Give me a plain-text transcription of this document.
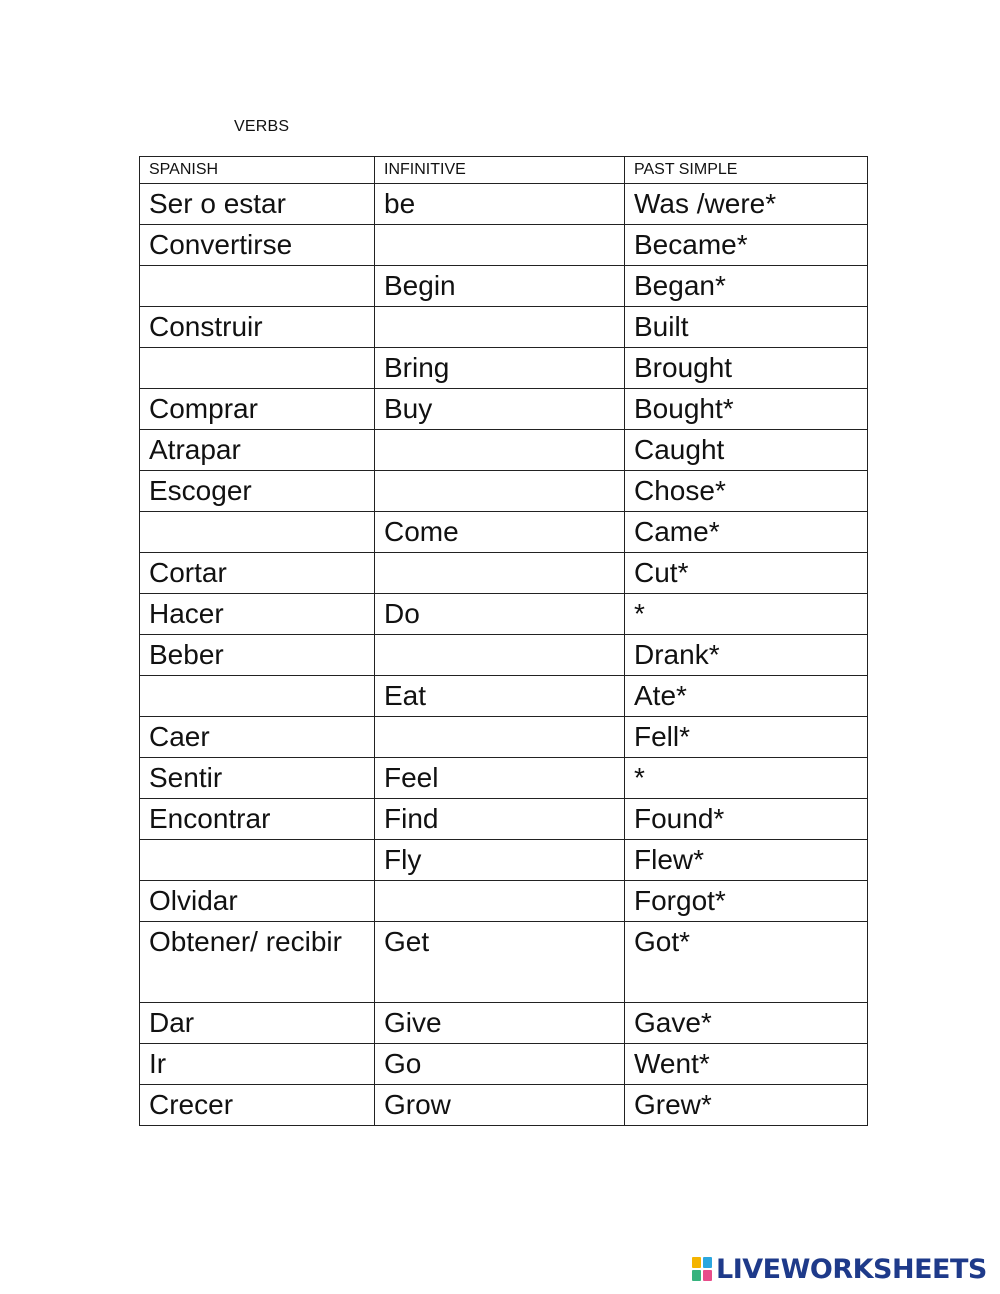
VERBS
SPANISH	INFINITIVE	PAST SIMPLE
Ser o estar	be	Was /were*
Convertirse		Became*
	Begin	Began*
Construir		Built
	Bring	Brought
Comprar	Buy	Bought*
Atrapar		Caught
Escoger		Chose*
	Come	Came*
Cortar		Cut*
Hacer	Do	*
Beber		Drank*
	Eat	Ate*
Caer		Fell*
Sentir	Feel	*
Encontrar	Find	Found*
	Fly	Flew*
Olvidar		Forgot*
Obtener/ recibir	Get	Got*
Dar	Give	Gave*
Ir	Go	Went*
Crecer	Grow	Grew*
LIVEWORKSHEETS
